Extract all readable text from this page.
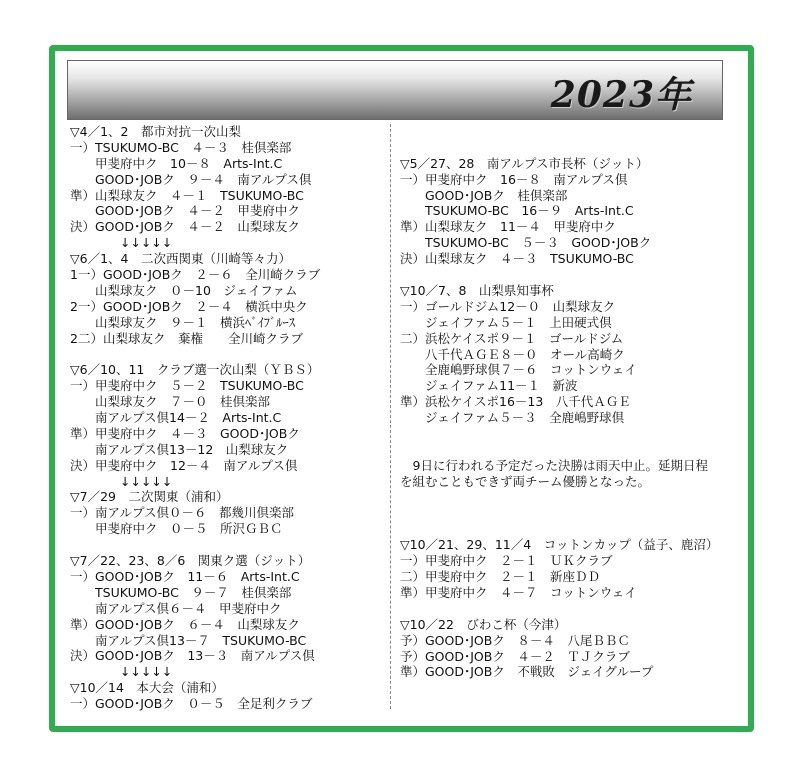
2023年
▽4／1、2　都市対抗一次山梨
一）TSUKUMO-BC　４－３　桂倶楽部
　　甲斐府中ク　10－８　Arts-Int.C
　　GOOD･JOBク　９－４　南アルプス倶
準）山梨球友ク　４－１　TSUKUMO-BC
　　GOOD･JOBク　４－２　甲斐府中ク
決）GOOD･JOBク　４－２　山梨球友ク
　　　　↓↓↓↓↓
▽6／1、4　二次西関東（川崎等々力）
1一）GOOD･JOBク　２－６　全川崎クラブ
　　山梨球友ク　０－10　ジェイファム
2一）GOOD･JOBク　２－４　横浜中央ク
　　山梨球友ク　９－１　横浜ﾍﾞｲﾌﾞﾙｰｽ
2二）山梨球友ク　棄権　　全川崎クラブ

▽6／10、11　クラブ選一次山梨（ＹＢＳ）
一）甲斐府中ク　５－２　TSUKUMO-BC
　　山梨球友ク　７－０　桂倶楽部
　　南アルプス倶14－２　Arts-Int.C
準）甲斐府中ク　４－３　GOOD･JOBク
　　南アルプス倶13－12　山梨球友ク
決）甲斐府中ク　12－４　南アルプス倶
　　　　↓↓↓↓↓
▽7／29　二次関東（浦和）
一）南アルプス倶０－６　都幾川倶楽部
　　甲斐府中ク　０－５　所沢ＧＢＣ

▽7／22、23、8／6　関東ク選（ジット）
一）GOOD･JOBク　11－６　Arts-Int.C
　　TSUKUMO-BC　９－７　桂倶楽部
　　南アルプス倶６－４　甲斐府中ク
準）GOOD･JOBク　６－４　山梨球友ク
　　南アルプス倶13－７　TSUKUMO-BC
決）GOOD･JOBク　13－３　南アルプス倶
　　　　↓↓↓↓↓
▽10／14　本大会（浦和）
一）GOOD･JOBク　０－５　全足利クラブ

▽5／27、28　南アルプス市長杯（ジット）
一）甲斐府中ク　16－８　南アルプス倶
　　GOOD･JOBク　桂倶楽部
　　TSUKUMO-BC　16－９　Arts-Int.C
準）山梨球友ク　11－４　甲斐府中ク
　　TSUKUMO-BC　５－３　GOOD･JOBク
決）山梨球友ク　４－３　TSUKUMO-BC

▽10／7、8　山梨県知事杯
一）ゴールドジム12－０　山梨球友ク
　　ジェイファム５－１　上田硬式倶
二）浜松ケイスポ９－１　ゴールドジム
　　八千代ＡＧＥ８－０　オール高崎ク
　　全鹿嶋野球倶７－６　コットンウェイ
　　ジェイファム11－１　新波
準）浜松ケイスポ16－13　八千代ＡＧＥ
　　ジェイファム５－３　全鹿嶋野球倶

9日に行われる予定だった決勝は雨天中止。延期日程を組むこともできず両チーム優勝となった。

▽10／21、29、11／4　コットンカップ（益子、鹿沼）
一）甲斐府中ク　２－１　ＵＫクラブ
二）甲斐府中ク　２－１　新座ＤＤ
準）甲斐府中ク　４－７　コットンウェイ

▽10／22　びわこ杯（今津）
予）GOOD･JOBク　８－４　八尾ＢＢＣ
予）GOOD･JOBク　４－２　ＴＪクラブ
準）GOOD･JOBク　不戦敗　ジェイグループ
